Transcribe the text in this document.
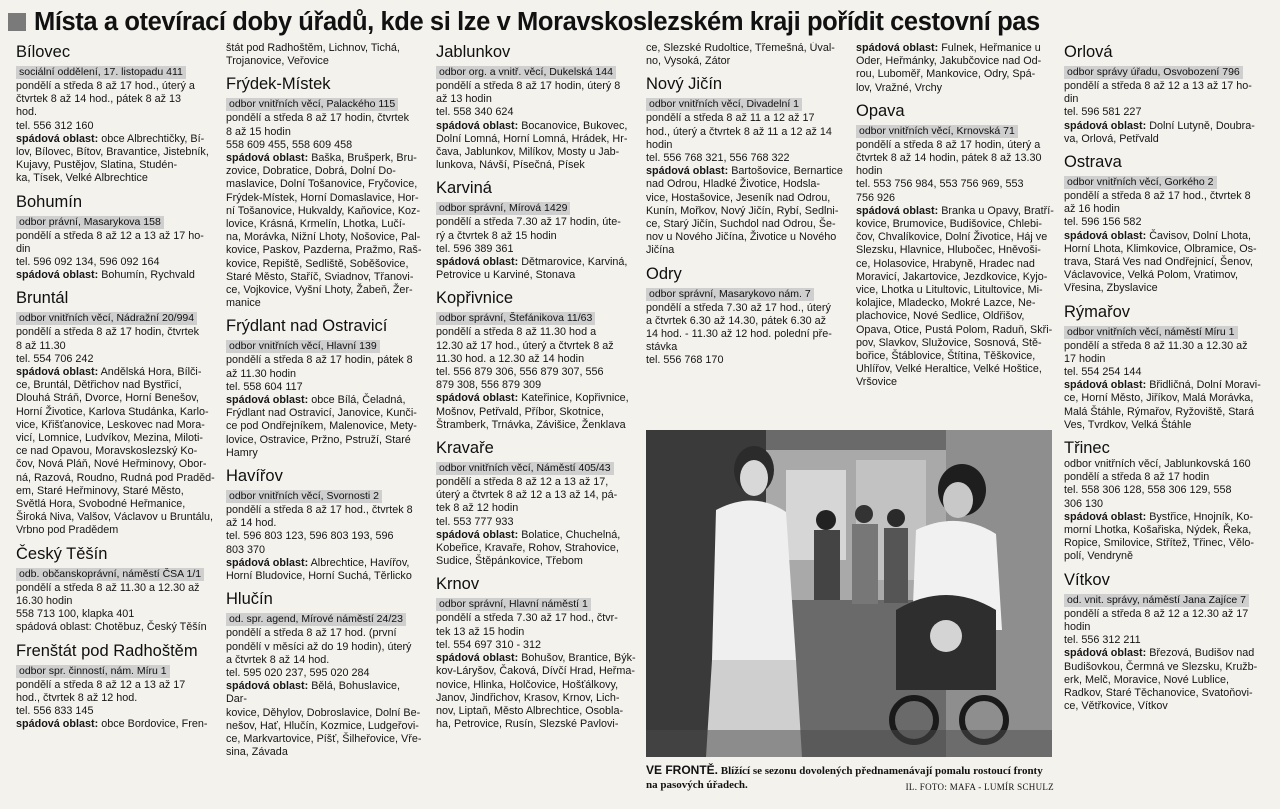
Místa a otevírací doby úřadů, kde si lze v Moravskoslezském kraji pořídit cestovní pas
Bílovec
sociální oddělení, 17. listopadu 411
pondělí a středa 8 až 17 hod., úterý a
čtvrtek 8 až 14 hod., pátek 8 až 13
hod.
tel. 556 312 160
spádová oblast: obce Albrechtičky, Bí-
lov, Bílovec, Bítov, Bravantice, Jistebník, Kujavy, Pustějov, Slatina, Studén-
ka, Tísek, Velké Albrechtice
Bohumín
odbor právní, Masarykova 158
pondělí a středa 8 až 12 a 13 až 17 ho-
din
tel. 596 092 134, 596 092 164
spádová oblast: Bohumín, Rychvald
Bruntál
odbor vnitřních věcí, Nádražní 20/994
pondělí a středa 8 až 17 hodin, čtvrtek
8 až 11.30
tel. 554 706 242
spádová oblast: Andělská Hora, Bílči-
ce, Bruntál, Dětřichov nad Bystřicí,
Dlouhá Stráň, Dvorce, Horní Benešov,
Horní Životice, Karlova Studánka, Karlo-
vice, Křišťanovice, Leskovec nad Mora-
vicí, Lomnice, Ludvíkov, Mezina, Miloti-
ce nad Opavou, Moravskoslezský Ko-
čov, Nová Pláň, Nové Heřminovy, Obor-
ná, Razová, Roudno, Rudná pod Praděd-
em, Staré Heřminovy, Staré Město,
Světlá Hora, Svobodné Heřmanice, Široká Niva, Valšov, Václavov u Bruntálu,
Vrbno pod Pradědem
Český Těšín
odb. občanskoprávní, náměstí ČSA 1/1
pondělí a středa 8 až 11.30 a 12.30 až
16.30 hodin
558 713 100, klapka 401
spádová oblast: Chotěbuz, Český Těšín
Frenštát pod Radhoštěm
odbor spr. činností, nám. Míru 1
pondělí a středa 8 až 12 a 13 až 17
hod., čtvrtek 8 až 12 hod.
tel. 556 833 145
spádová oblast: obce Bordovice, Fren-
štát pod Radhoštěm, Lichnov, Tichá,
Trojanovice, Veřovice
Frýdek-Místek
odbor vnitřních věcí, Palackého 115
pondělí a středa 8 až 17 hodin, čtvrtek
8 až 15 hodin
558 609 455, 558 609 458
spádová oblast: Baška, Brušperk, Bru-
zovice, Dobratice, Dobrá, Dolní Do-
maslavice, Dolní Tošanovice, Fryčovice,
Frýdek-Místek, Horní Domaslavice, Hor-
ní Tošanovice, Hukvaldy, Kaňovice, Koz-
lovice, Krásná, Krmelín, Lhotka, Lučí-
na, Morávka, Nižní Lhoty, Nošovice, Pal-
kovice, Paskov, Pazderna, Pražmo, Raš-
kovice, Repiště, Sedliště, Soběšovice,
Staré Město, Staříč, Sviadnov, Třanovi-
ce, Vojkovice, Vyšní Lhoty, Žabeň, Žer-
manice
Frýdlant nad Ostravicí
odbor vnitřních věcí, Hlavní 139
pondělí a středa 8 až 17 hodin, pátek 8
až 11.30 hodin
tel. 558 604 117
spádová oblast: obce Bílá, Čeladná,
Frýdlant nad Ostravicí, Janovice, Kunči-
ce pod Ondřejníkem, Malenovice, Mety-
lovice, Ostravice, Pržno, Pstruží, Staré
Hamry
Havířov
odbor vnitřních věcí, Svornosti 2
pondělí a středa 8 až 17 hod., čtvrtek 8
až 14 hod.
tel. 596 803 123, 596 803 193, 596
803 370
spádová oblast: Albrechtice, Havířov,
Horní Bludovice, Horní Suchá, Těrlicko
Hlučín
od. spr. agend, Mírové náměstí 24/23
pondělí a středa 8 až 17 hod. (první
pondělí v měsíci až do 19 hodin), úterý
a čtvrtek 8 až 14 hod.
tel. 595 020 237, 595 020 284
spádová oblast: Bělá, Bohuslavice, Dar-
kovice, Děhylov, Dobroslavice, Dolní Be-
nešov, Hať, Hlučín, Kozmice, Ludgeřovi-
ce, Markvartovice, Píšť, Šilheřovice, Vře-
sina, Závada
Jablunkov
odbor org. a vnitř. věcí, Dukelská 144
pondělí a středa 8 až 17 hodin, úterý 8
až 13 hodin
tel. 558 340 624
spádová oblast: Bocanovice, Bukovec,
Dolní Lomná, Horní Lomná, Hrádek, Hr-
čava, Jablunkov, Milíkov, Mosty u Jab-
lunkova, Návší, Písečná, Písek
Karviná
odbor správní, Mírová 1429
pondělí a středa 7.30 až 17 hodin, úte-
rý a čtvrtek 8 až 15 hodin
tel. 596 389 361
spádová oblast: Dětmarovice, Karviná,
Petrovice u Karviné, Stonava
Kopřivnice
odbor správní, Štefánikova 11/63
pondělí a středa 8 až 11.30 hod a
12.30 až 17 hod., úterý a čtvrtek 8 až
11.30 hod. a 12.30 až 14 hodin
tel. 556 879 306, 556 879 307, 556
879 308, 556 879 309
spádová oblast: Kateřinice, Kopřivnice,
Mošnov, Petřvald, Příbor, Skotnice,
Štramberk, Trnávka, Závišice, Ženklava
Kravaře
odbor vnitřních věcí, Náměstí 405/43
pondělí a středa 8 až 12 a 13 až 17,
úterý a čtvrtek 8 až 12 a 13 až 14, pá-
tek 8 až 12 hodin
tel. 553 777 933
spádová oblast: Bolatice, Chuchelná,
Kobeřice, Kravaře, Rohov, Strahovice,
Sudice, Štěpánkovice, Třebom
Krnov
odbor správní, Hlavní náměstí 1
pondělí a středa 7.30 až 17 hod., čtvr-
tek 13 až 15 hodin
tel. 554 697 310 - 312
spádová oblast: Bohušov, Brantice, Býk-
kov-Láryšov, Čaková, Dívčí Hrad, Heřma-
novice, Hlinka, Holčovice, Hošťálkovy,
Janov, Jindřichov, Krasov, Krnov, Lich-
nov, Liptaň, Město Albrechtice, Osobla-
ha, Petrovice, Rusín, Slezské Pavlovi-
ce, Slezské Rudoltice, Třemešná, Úval-
no, Vysoká, Zátor
Nový Jičín
odbor vnitřních věcí, Divadelní 1
pondělí a středa 8 až 11 a 12 až 17
hod., úterý a čtvrtek 8 až 11 a 12 až 14
hodin
tel. 556 768 321, 556 768 322
spádová oblast: Bartošovice, Bernartice nad Odrou, Hladké Životice, Hodsla-
vice, Hostašovice, Jeseník nad Odrou,
Kunín, Mořkov, Nový Jičín, Rybí, Sedlni-
ce, Starý Jičín, Suchdol nad Odrou, Še-
nov u Nového Jičína, Životice u Nového
Jičína
Odry
odbor správní, Masarykovo nám. 7
pondělí a středa 7.30 až 17 hod., úterý
a čtvrtek 6.30 až 14.30, pátek 6.30 až
14 hod. - 11.30 až 12 hod. polední pře-
stávka
tel. 556 768 170
spádová oblast: Fulnek, Heřmanice u
Oder, Heřmánky, Jakubčovice nad Od-
rou, Luboměř, Mankovice, Odry, Spá-
lov, Vražné, Vrchy
Opava
odbor vnitřních věcí, Krnovská 71
pondělí a středa 8 až 17 hodin, úterý a
čtvrtek 8 až 14 hodin, pátek 8 až 13.30
hodin
tel. 553 756 984, 553 756 969, 553
756 926
spádová oblast: Branka u Opavy, Bratří-
kovice, Brumovice, Budišovice, Chlebi-
čov, Chvalíkovice, Dolní Životice, Háj ve
Slezsku, Hlavnice, Hlubočec, Hněvoši-
ce, Holasovice, Hrabyně, Hradec nad
Moravicí, Jakartovice, Jezdkovice, Kyjo-
vice, Lhotka u Litultovic, Litultovice, Mi-
kolajice, Mladecko, Mokré Lazce, Ne-
plachovice, Nové Sedlice, Oldřišov,
Opava, Otice, Pustá Polom, Raduň, Skři-
pov, Slavkov, Služovice, Sosnová, Stě-
bořice, Štáblovice, Štítina, Těškovice,
Uhlířov, Velké Heraltice, Velké Hoštice,
Vršovice
Orlová
odbor správy úřadu, Osvobození 796
pondělí a středa 8 až 12 a 13 až 17 ho-
din
tel. 596 581 227
spádová oblast: Dolní Lutyně, Doubra-
va, Orlová, Petřvald
Ostrava
odbor vnitřních věcí, Gorkého 2
pondělí a středa 8 až 17 hod., čtvrtek 8
až 16 hodin
tel. 596 156 582
spádová oblast: Čavisov, Dolní Lhota,
Horní Lhota, Klimkovice, Olbramice, Os-
trava, Stará Ves nad Ondřejnicí, Šenov,
Václavovice, Velká Polom, Vratimov,
Vřesina, Zbyslavice
Rýmařov
odbor vnitřních věcí, náměstí Míru 1
pondělí a středa 8 až 11.30 a 12.30 až
17 hodin
tel. 554 254 144
spádová oblast: Břidličná, Dolní Moravi-
ce, Horní Město, Jiříkov, Malá Morávka,
Malá Štáhle, Rýmařov, Ryžoviště, Stará
Ves, Tvrdkov, Velká Štáhle
Třinec
odbor vnitřních věcí, Jablunkovská 160
pondělí a středa 8 až 17 hodin
tel. 558 306 128, 558 306 129, 558
306 130
spádová oblast: Bystřice, Hnojník, Ko-
morní Lhotka, Košařiska, Nýdek, Řeka,
Ropice, Smilovice, Střítež, Třinec, Vělo-
polí, Vendryně
Vítkov
od. vnit. správy, náměstí Jana Zajíce 7
pondělí a středa 8 až 12 a 12.30 až 17
hodin
tel. 556 312 211
spádová oblast: Březová, Budišov nad
Budišovkou, Čermná ve Slezsku, Kružb-
erk, Melč, Moravice, Nové Lublice,
Radkov, Staré Těchanovice, Svatoňovi-
ce, Větřkovice, Vítkov
VE FRONTĚ. Blížící se sezonu dovolených přednamenávají pomalu rostoucí fronty na pasových úřadech.	IL. FOTO: MAFA - LUMÍR SCHULZ
